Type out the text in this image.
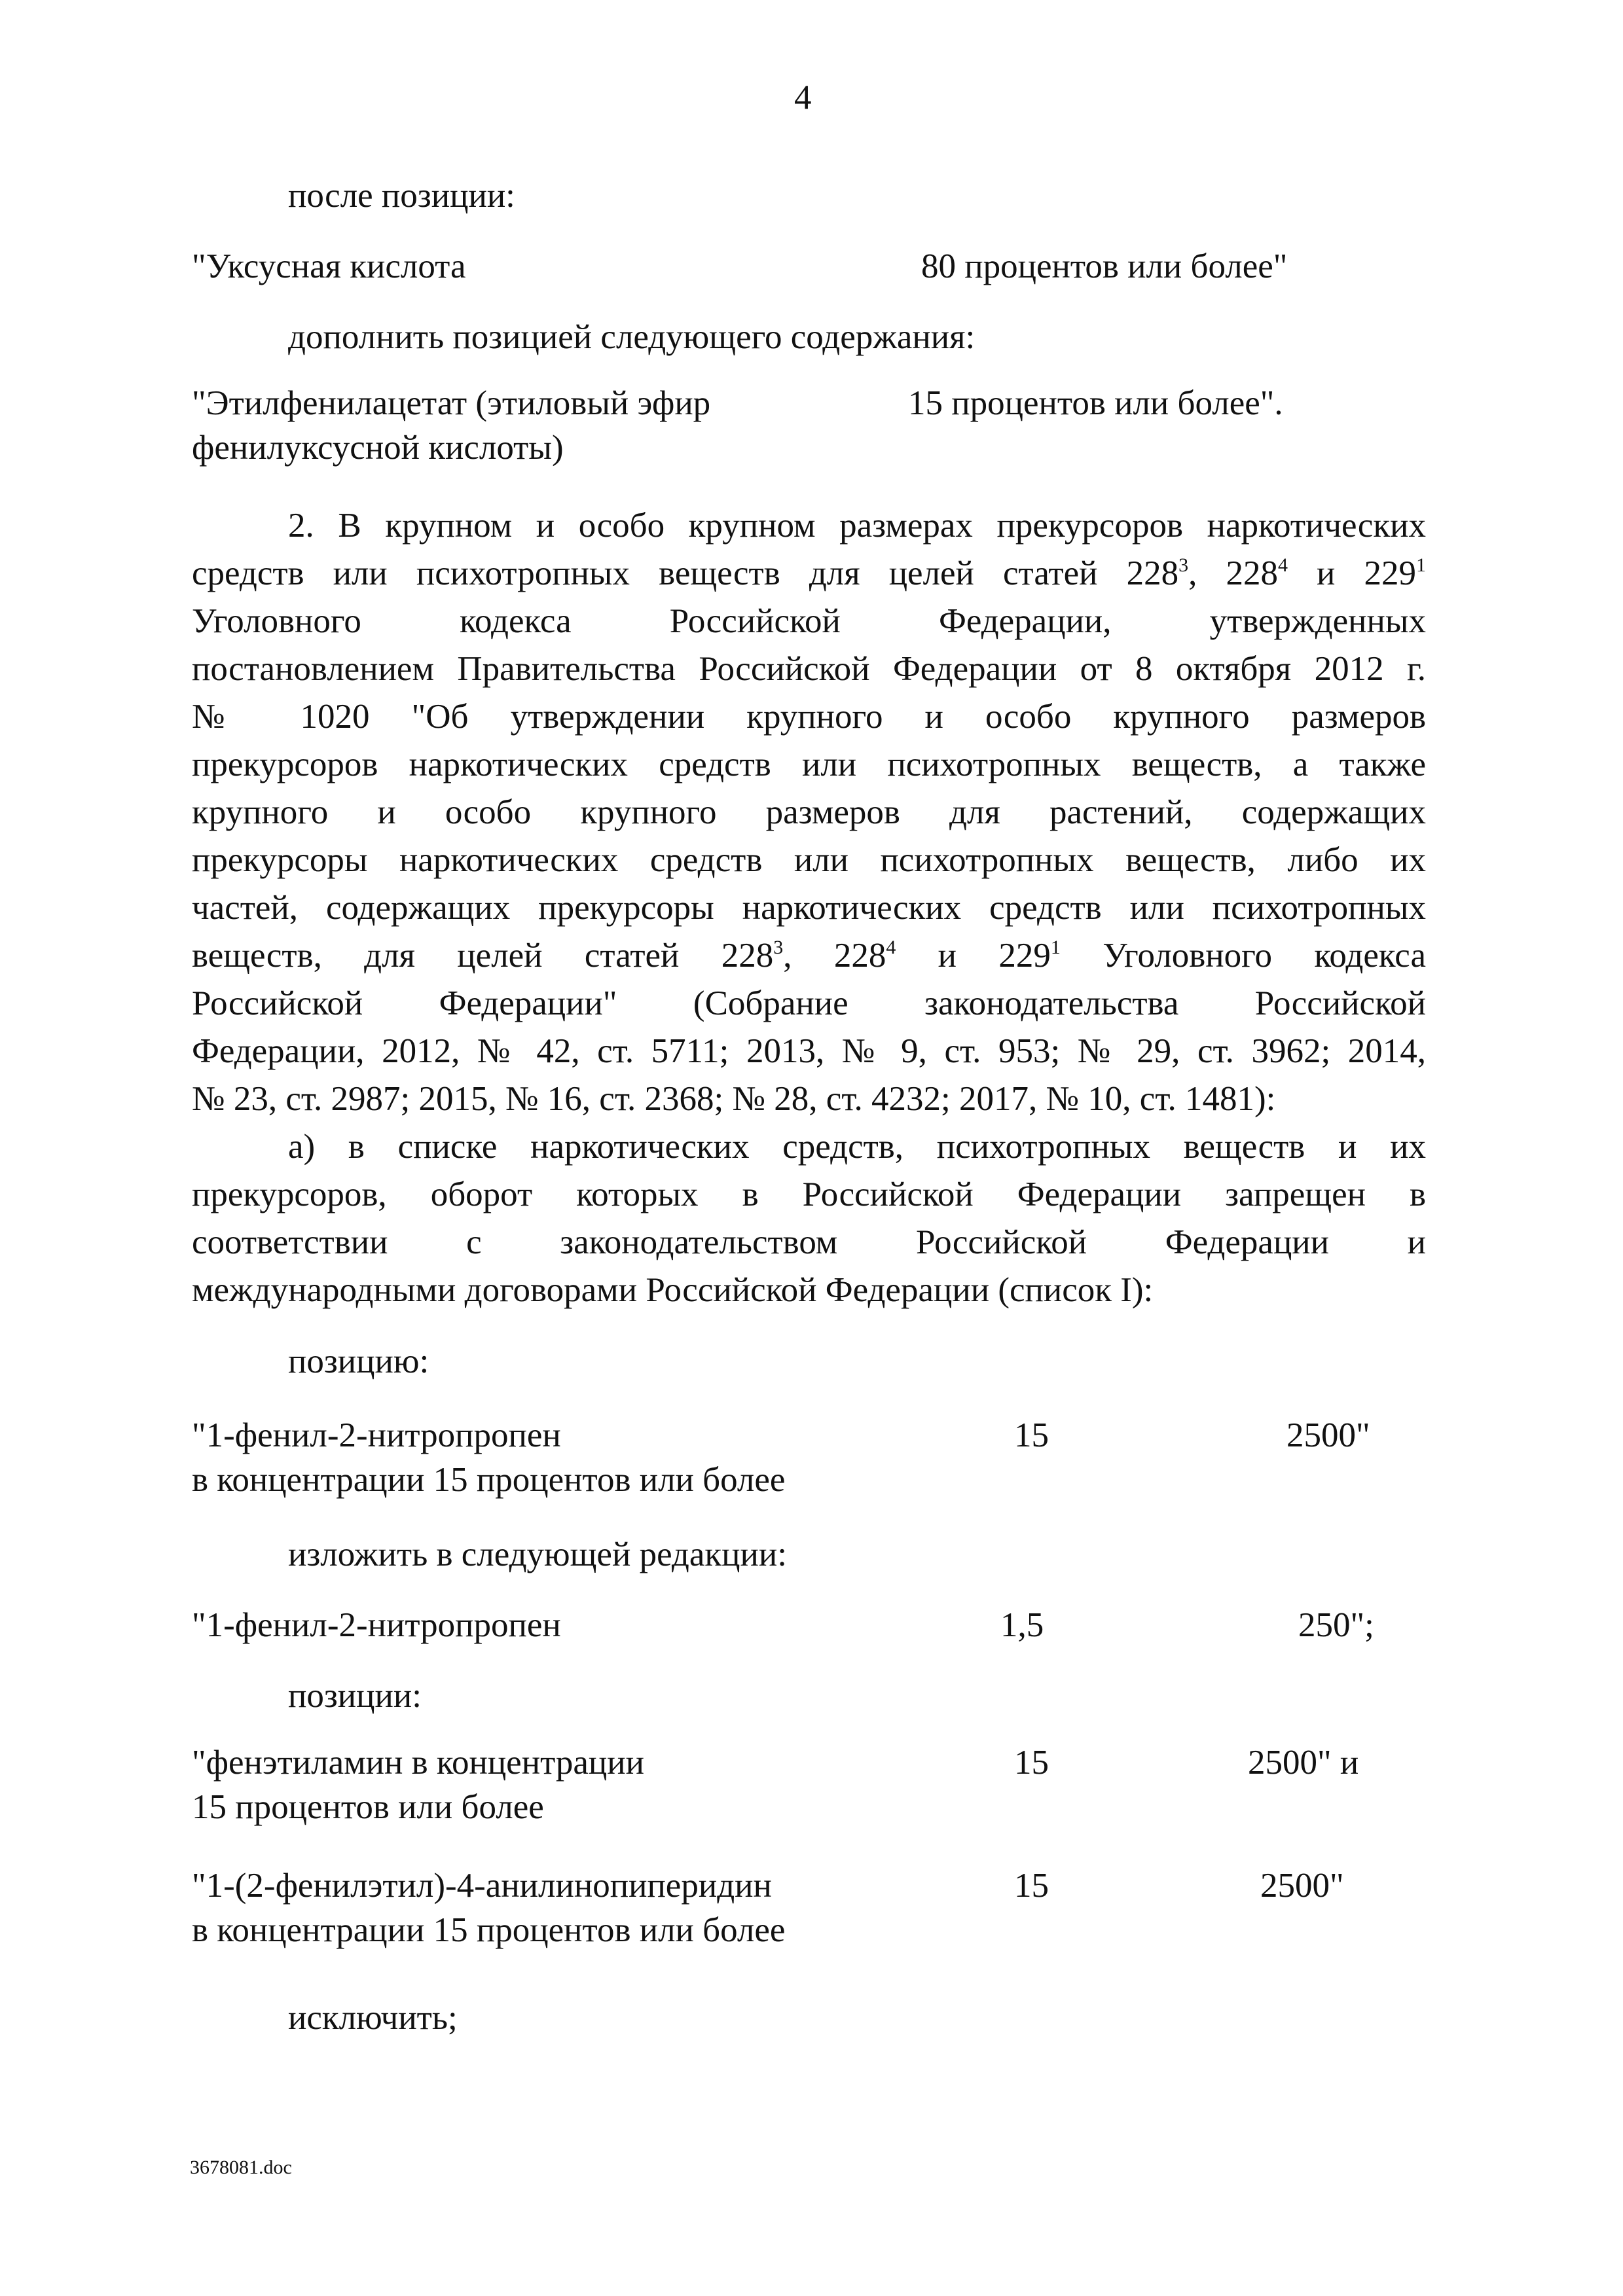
4
после позиции:
"Уксусная кислота	80 процентов или более"
дополнить позицией следующего содержания:
"Этилфенилацетат (этиловый эфир
фенилуксусной кислоты)
15 процентов или более".
2. В крупном и особо крупном размерах прекурсоров наркотических
средств или психотропных веществ для целей статей $228^3$, $228^4$ и $229^1$
Уголовного кодекса Российской Федерации, утвержденных
постановлением Правительства Российской Федерации от 8 октября 2012 г.
№ 1020 "Об утверждении крупного и особо крупного размеров
прекурсоров наркотических средств или психотропных веществ, а также
крупного и особо крупного размеров для растений, содержащих
прекурсоры наркотических средств или психотропных веществ, либо их
частей, содержащих прекурсоры наркотических средств или психотропных
веществ, для целей статей $228^3$, $228^4$ и $229^1$ Уголовного кодекса
Российской Федерации" (Собрание законодательства Российской
Федерации, 2012, № 42, ст. 5711; 2013, № 9, ст. 953; № 29, ст. 3962; 2014,
№ 23, ст. 2987; 2015, № 16, ст. 2368; № 28, ст. 4232; 2017, № 10, ст. 1481):
а) в списке наркотических средств, психотропных веществ и их
прекурсоров, оборот которых в Российской Федерации запрещен в
соответствии с законодательством Российской Федерации и
международными договорами Российской Федерации (список I):
позицию:
"1-фенил-2-нитропропен
в концентрации 15 процентов или более
15	2500"
изложить в следующей редакции:
"1-фенил-2-нитропропен	1,5	250";
позиции:
"фенэтиламин в концентрации
15 процентов или более
15	2500" и
"1-(2-фенилэтил)-4-анилинопиперидин
в концентрации 15 процентов или более
15	2500"
исключить;
3678081.doc
